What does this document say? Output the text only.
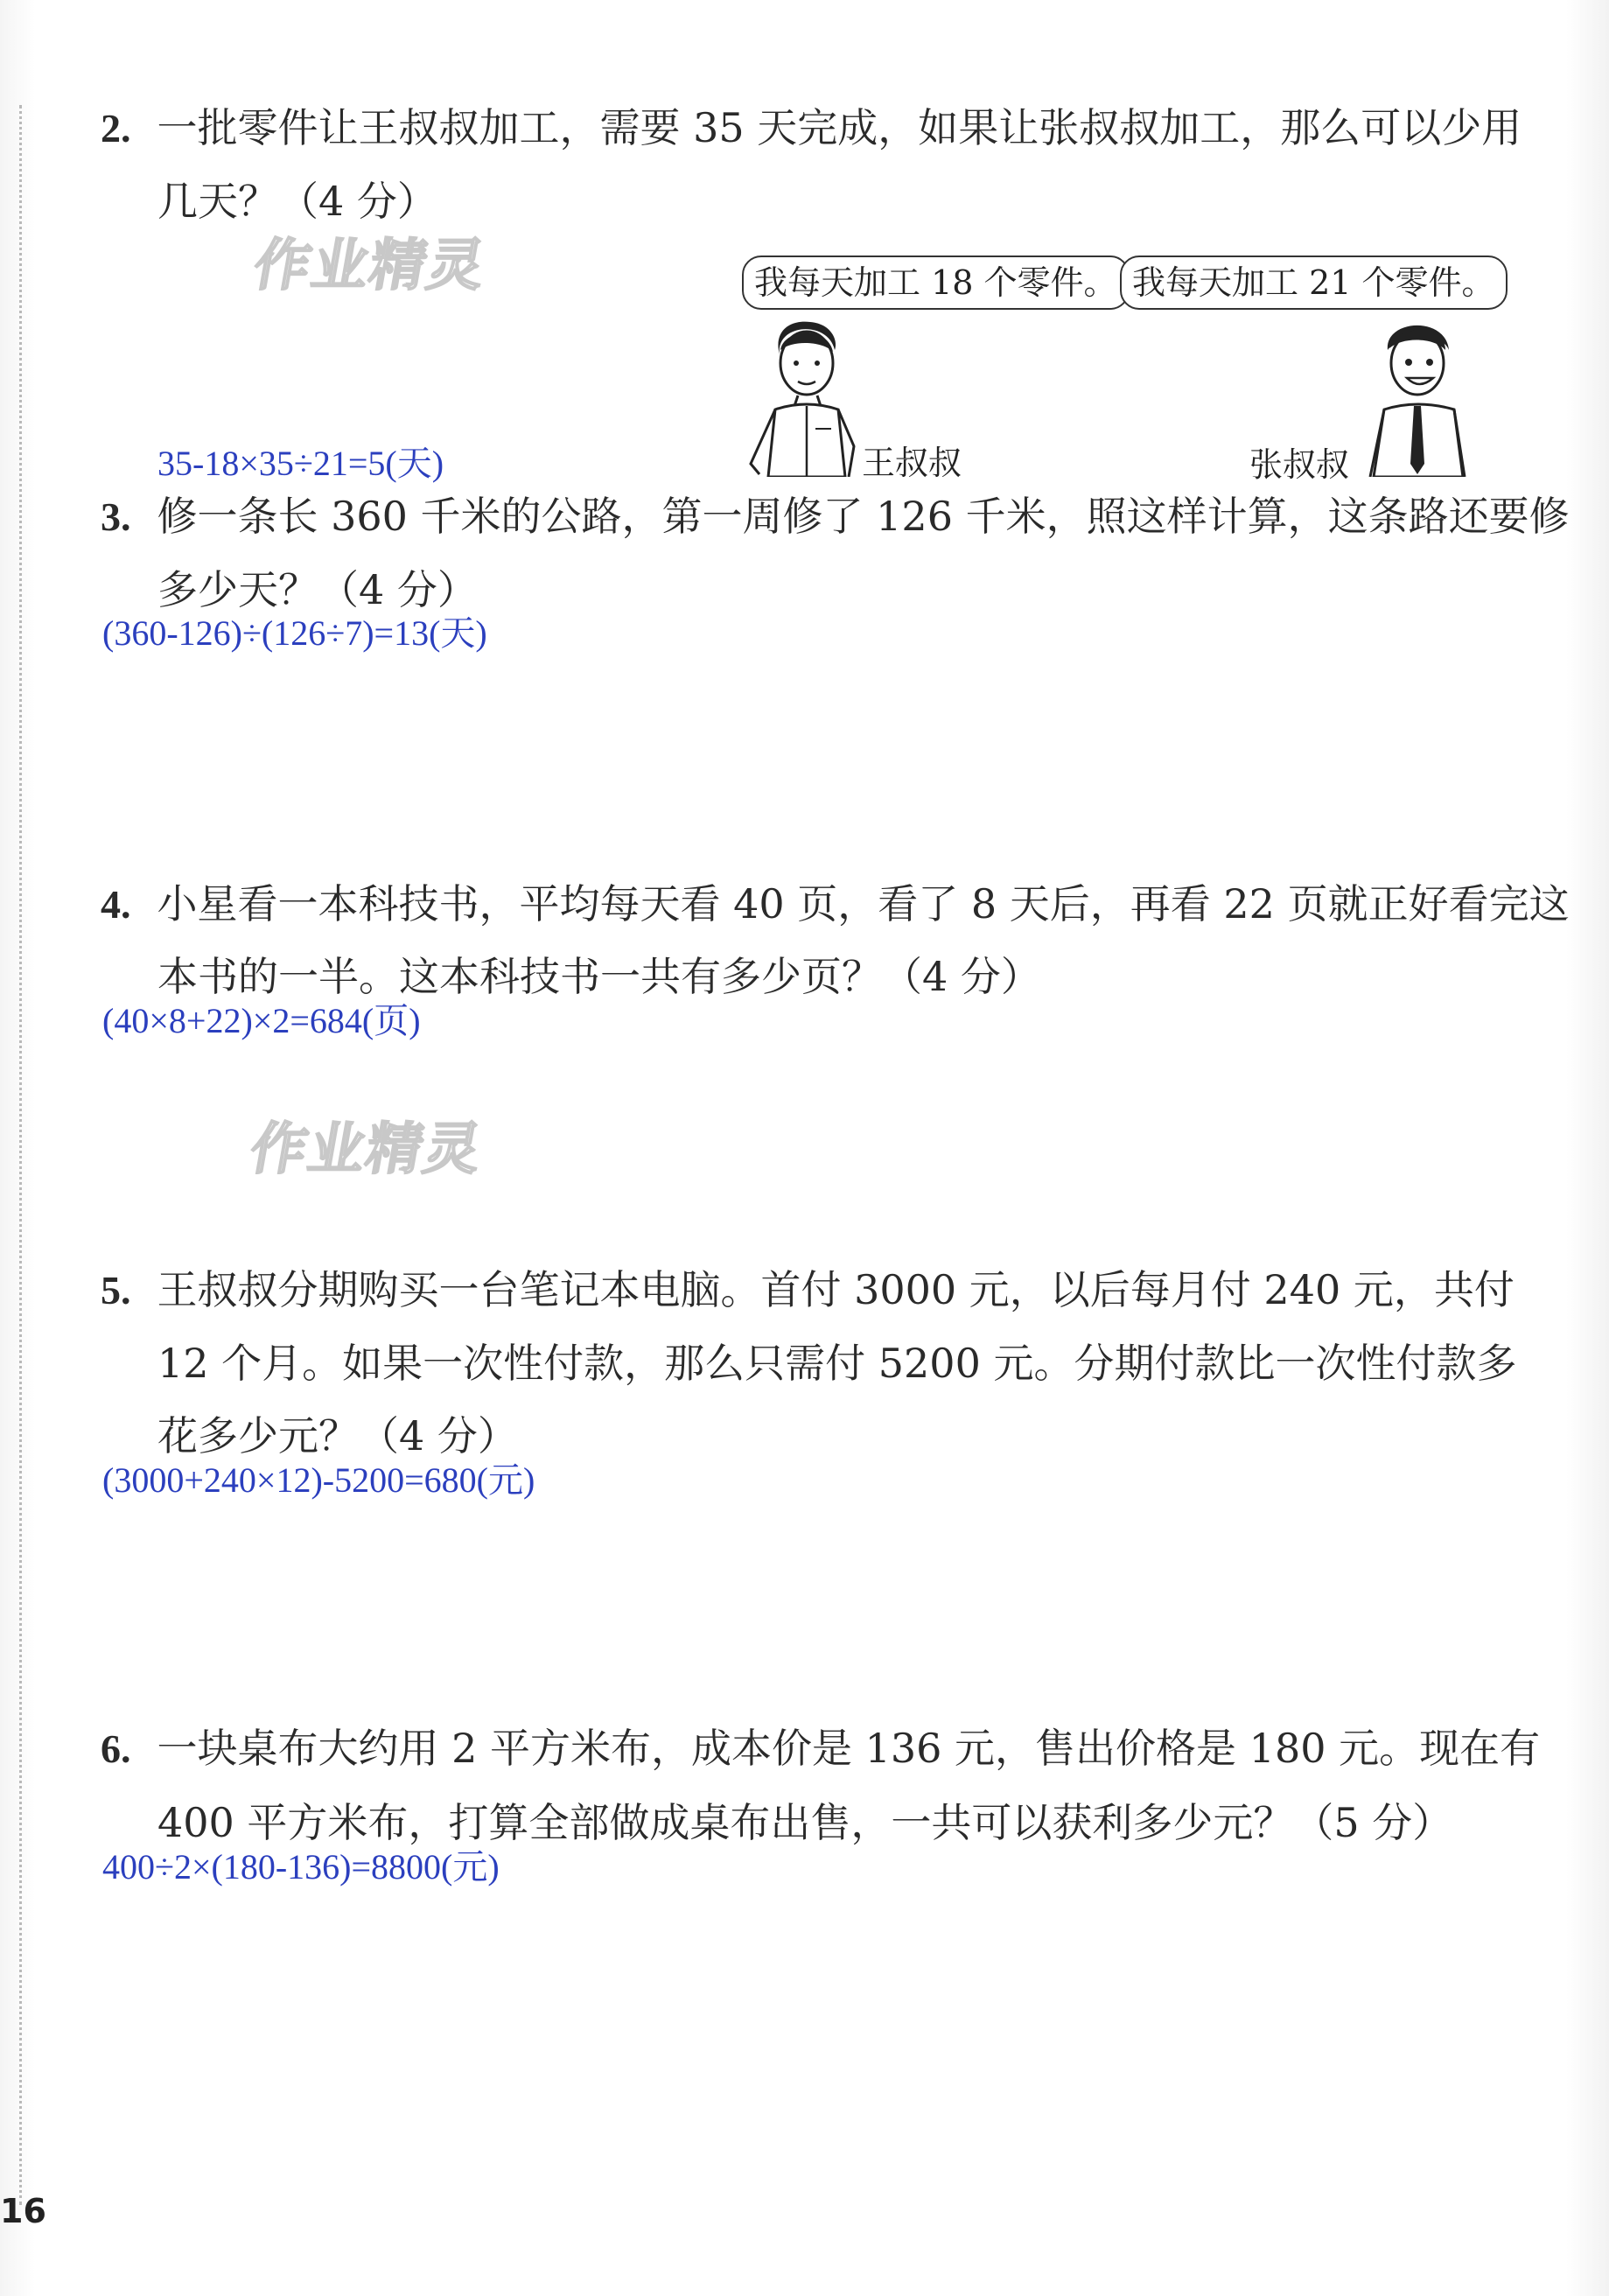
2. 一批零件让王叔叔加工，需要 35 天完成，如果让张叔叔加工，那么可以少用
几天？（4 分）
作业精灵	我每天加工 18 个零件。 我每天加工 21 个零件。
王叔叔	张叔叔
35-18×35÷21=5(天)
3. 修一条长 360 千米的公路，第一周修了 126 千米，照这样计算，这条路还要修
多少天？（4 分）
(360-126)÷(126÷7)=13(天)
4. 小星看一本科技书，平均每天看 40 页，看了 8 天后，再看 22 页就正好看完这
本书的一半。这本科技书一共有多少页？（4 分）
(40×8+22)×2=684(页)
作业精灵
5. 王叔叔分期购买一台笔记本电脑。首付 3000 元，以后每月付 240 元，共付
12 个月。如果一次性付款，那么只需付 5200 元。分期付款比一次性付款多
花多少元？（4 分）
(3000+240×12)-5200=680(元)
6. 一块桌布大约用 2 平方米布，成本价是 136 元，售出价格是 180 元。现在有
400 平方米布，打算全部做成桌布出售，一共可以获利多少元？（5 分）
400÷2×(180-136)=8800(元)
16
